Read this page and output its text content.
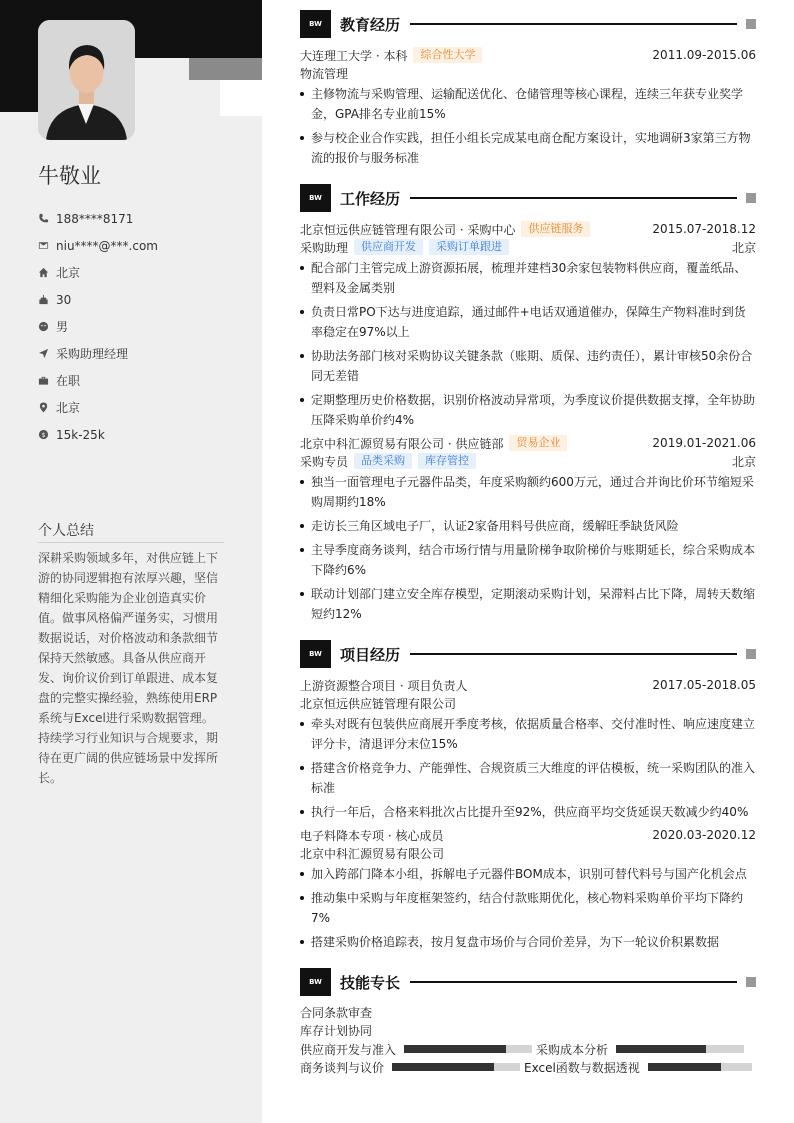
牛敬业
188****8171
niu****@***.com
北京
30
男
采购助理经理
在职
北京
$ 15k-25k
个人总结
深耕采购领域多年，对供应链上下游的协同逻辑抱有浓厚兴趣，坚信精细化采购能为企业创造真实价值。做事风格偏严谨务实，习惯用数据说话，对价格波动和条款细节保持天然敏感。具备从供应商开发、询价议价到订单跟进、成本复盘的完整实操经验，熟练使用ERP系统与Excel进行采购数据管理。持续学习行业知识与合规要求，期待在更广阔的供应链场景中发挥所长。
BW	教育经历
大连理工大学 · 本科	综合性大学	2011.09-2015.06
物流管理
主修物流与采购管理、运输配送优化、仓储管理等核心课程，连续三年获专业奖学金，GPA排名专业前15%
参与校企业合作实践，担任小组长完成某电商仓配方案设计，实地调研3家第三方物流的报价与服务标准
BW	工作经历
北京恒远供应链管理有限公司 · 采购中心	供应链服务	2015.07-2018.12
采购助理	供应商开发	采购订单跟进	北京
配合部门主管完成上游资源拓展，梳理并建档30余家包装物料供应商，覆盖纸品、塑料及金属类别
负责日常PO下达与进度追踪，通过邮件+电话双通道催办，保障生产物料准时到货率稳定在97%以上
协助法务部门核对采购协议关键条款（账期、质保、违约责任），累计审核50余份合同无差错
定期整理历史价格数据，识别价格波动异常项，为季度议价提供数据支撑，全年协助压降采购单价约4%
北京中科汇源贸易有限公司 · 供应链部	贸易企业	2019.01-2021.06
采购专员	品类采购	库存管控	北京
独当一面管理电子元器件品类，年度采购额约600万元，通过合并询比价环节缩短采购周期约18%
走访长三角区域电子厂，认证2家备用料号供应商，缓解旺季缺货风险
主导季度商务谈判，结合市场行情与用量阶梯争取阶梯价与账期延长，综合采购成本下降约6%
联动计划部门建立安全库存模型，定期滚动采购计划，呆滞料占比下降，周转天数缩短约12%
BW	项目经历
上游资源整合项目 · 项目负责人	2017.05-2018.05
北京恒远供应链管理有限公司
牵头对既有包装供应商展开季度考核，依据质量合格率、交付准时性、响应速度建立评分卡，清退评分末位15%
搭建含价格竞争力、产能弹性、合规资质三大维度的评估模板，统一采购团队的准入标准
执行一年后，合格来料批次占比提升至92%，供应商平均交货延误天数减少约40%
电子料降本专项 · 核心成员	2020.03-2020.12
北京中科汇源贸易有限公司
加入跨部门降本小组，拆解电子元器件BOM成本，识别可替代料号与国产化机会点
推动集中采购与年度框架签约，结合付款账期优化，核心物料采购单价平均下降约7%
搭建采购价格追踪表，按月复盘市场价与合同价差异，为下一轮议价积累数据
BW	技能专长
合同条款审查
库存计划协同
供应商开发与准入	采购成本分析
商务谈判与议价	Excel函数与数据透视
